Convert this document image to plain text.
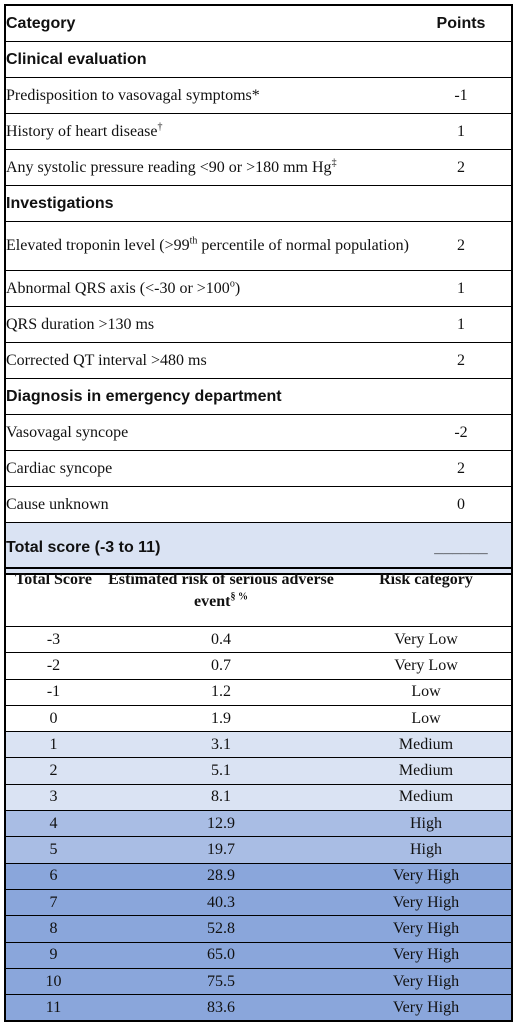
Category	Points
Clinical evaluation	
Predisposition to vasovagal symptoms*	-1
History of heart disease†	1
Any systolic pressure reading <90 or >180 mm Hg‡	2
Investigations	
Elevated troponin level (>99th percentile of normal population)	2
Abnormal QRS axis (<-30 or $>100^o$)	1
QRS duration >130 ms	1
Corrected QT interval >480 ms	2
Diagnosis in emergency department	
Vasovagal syncope	-2
Cardiac syncope	2
Cause unknown	0
Total score (-3 to 11)	______
Total Score	Estimated risk of serious adverse event§ %	Risk category
-3	0.4	Very Low
-2	0.7	Very Low
-1	1.2	Low
0	1.9	Low
1	3.1	Medium
2	5.1	Medium
3	8.1	Medium
4	12.9	High
5	19.7	High
6	28.9	Very High
7	40.3	Very High
8	52.8	Very High
9	65.0	Very High
10	75.5	Very High
11	83.6	Very High
